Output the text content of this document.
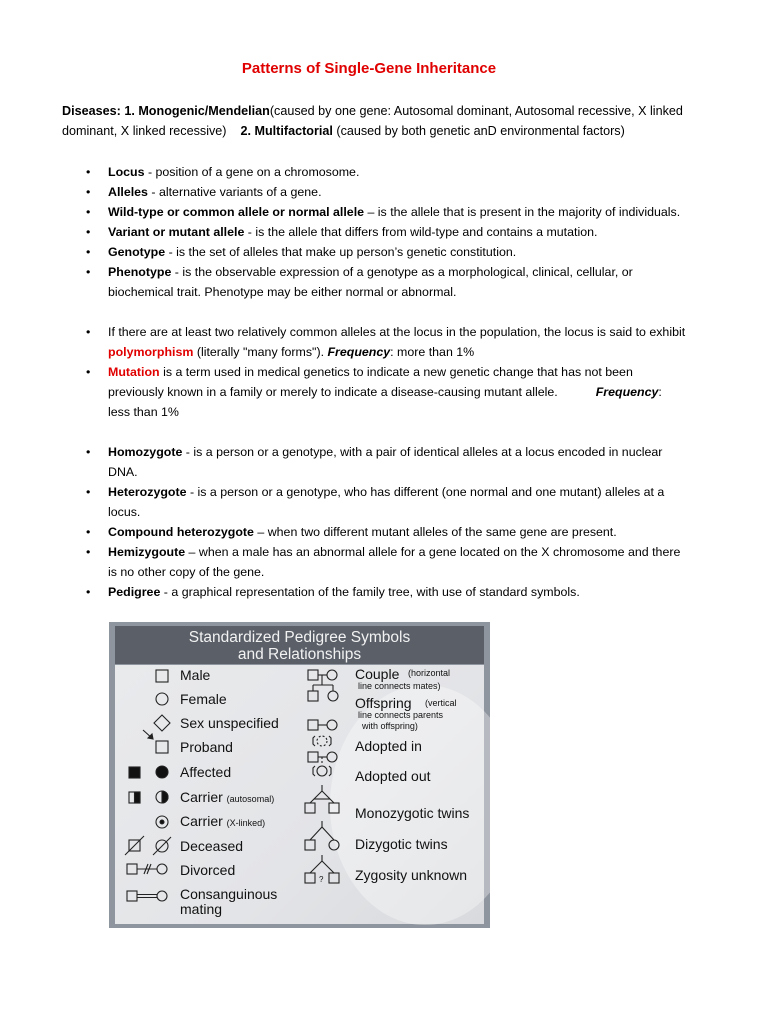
Patterns of Single-Gene Inheritance
Diseases: 1. Monogenic/Mendelian(caused by one gene: Autosomal dominant, Autosomal recessive, X linked dominant, X linked recessive) 2. Multifactorial (caused by both genetic anD environmental factors)
• Locus - position of a gene on a chromosome.
• Alleles - alternative variants of a gene.
• Wild-type or common allele or normal allele – is the allele that is present in the majority of individuals.
• Variant or mutant allele - is the allele that differs from wild-type and contains a mutation.
• Genotype - is the set of alleles that make up person’s genetic constitution.
• Phenotype - is the observable expression of a genotype as a morphological, clinical, cellular, or biochemical trait. Phenotype may be either normal or abnormal.
• If there are at least two relatively common alleles at the locus in the population, the locus is said to exhibit polymorphism (literally "many forms"). Frequency: more than 1%
• Mutation is a term used in medical genetics to indicate a new genetic change that has not been previously known in a family or merely to indicate a disease-causing mutant allele.	Frequency: less than 1%
• Homozygote - is a person or a genotype, with a pair of identical alleles at a locus encoded in nuclear DNA.
• Heterozygote - is a person or a genotype, who has different (one normal and one mutant) alleles at a locus.
• Compound heterozygote – when two different mutant alleles of the same gene are present.
• Hemizygoute – when a male has an abnormal allele for a gene located on the X chromosome and there is no other copy of the gene.
• Pedigree - a graphical representation of the family tree, with use of standard symbols.
Standardized Pedigree Symbols
and Relationships
Male
Female
Sex unspecified
Proband
Affected
Carrier (autosomal)
Carrier (X-linked)
Deceased
Divorced
Consanguinous
mating
Couple (horizontal
line connects mates)
Offspring (vertical
line connects parents
with offspring)
Adopted in
Adopted out
Monozygotic twins
Dizygotic twins
Zygosity unknown
?
